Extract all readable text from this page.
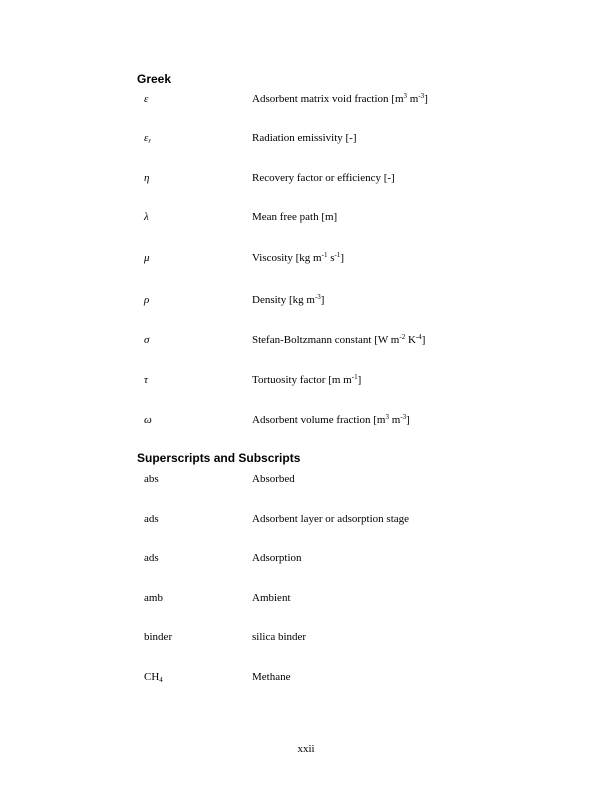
Greek
ε	Adsorbent matrix void fraction [$m^3$ $m^{-3}$]
$\varepsilon_r$	Radiation emissivity [-]
η	Recovery factor or efficiency [-]
λ	Mean free path [m]
μ	Viscosity [kg $m^{-1}$ $s^{-1}$]
ρ	Density [kg $m^{-3}$]
σ	Stefan-Boltzmann constant [W $m^{-2}$ $K^{-4}$]
τ	Tortuosity factor [m $m^{-1}$]
ω	Adsorbent volume fraction [$m^3$ $m^{-3}$]
Superscripts and Subscripts
abs	Absorbed
ads	Adsorbent layer or adsorption stage
ads	Adsorption
amb	Ambient
binder	silica binder
$CH_4$	Methane
xxii
